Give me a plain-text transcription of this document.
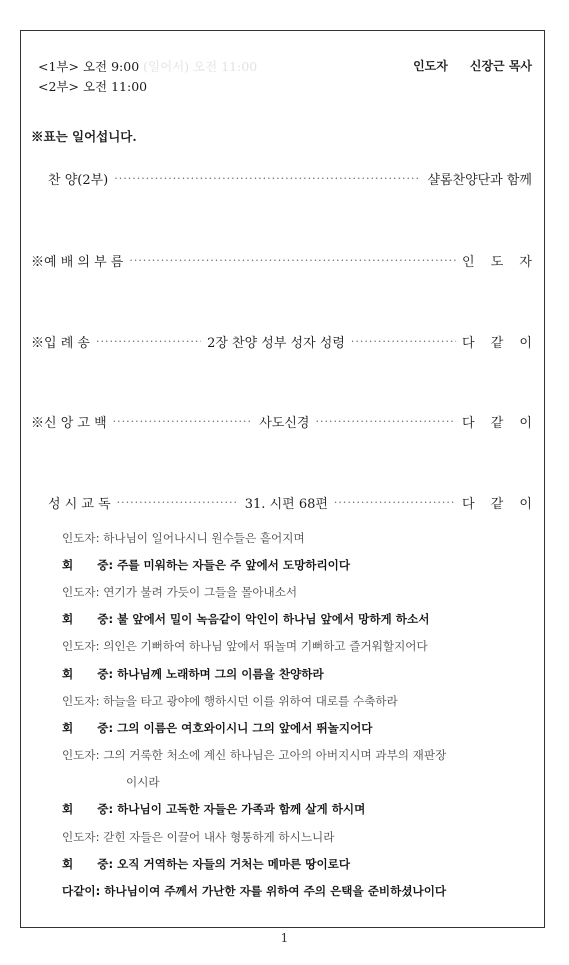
<1부> 오전 9:00 (일어서) 오전 11:00
<2부> 오전 11:00
인도자 신장근 목사
※표는 일어섭니다.
찬 양(2부) ·····	샬롬찬양단과 함께
※예 배 의 부 름 ·····	인 도 자
※입 례 송 ·····	2장 찬양 성부 성자 성령 ·····	다 같 이
※신 앙 고 백 ·····	사도신경 ·····	다 같 이
성 시 교 독 ·····	31. 시편 68편 ·····	다 같 이
인도자 : 하나님이 일어나시니 원수들은 흩어지며
회 중
: 주를 미워하는 자들은 주 앞에서 도망하리이다
인도자 : 연기가 불려 가듯이 그들을 몰아내소서
회 중
: 불 앞에서 밀이 녹음같이 악인이 하나님 앞에서 망하게 하소서
인도자 : 의인은 기뻐하여 하나님 앞에서 뛰놀며 기뻐하고 즐거워할지어다
회 중
: 하나님께 노래하며 그의 이름을 찬양하라
인도자 : 하늘을 타고 광야에 행하시던 이를 위하여 대로를 수축하라
회 중
: 그의 이름은 여호와이시니 그의 앞에서 뛰놀지어다
인도자 : 그의 거룩한 처소에 계신 하나님은 고아의 아버지시며 과부의 재판장
이시라
회 중
: 하나님이 고독한 자들은 가족과 함께 살게 하시며
인도자 : 갇힌 자들은 이끌어 내사 형통하게 하시느니라
회 중
: 오직 거역하는 자들의 거처는 메마른 땅이로다
다같이 : 하나님이여 주께서 가난한 자를 위하여 주의 은택을 준비하셨나이다
1
